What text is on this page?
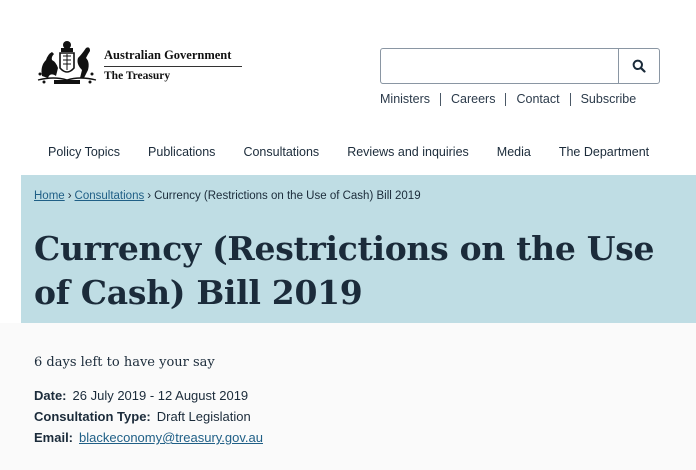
Australian Government
The Treasury
Ministers Careers Contact Subscribe
Policy Topics Publications Consultations Reviews and inquiries Media The Department
Home › Consultations › Currency (Restrictions on the Use of Cash) Bill 2019
Currency (Restrictions on the Use of Cash) Bill 2019
6 days left to have your say
Date: 26 July 2019 - 12 August 2019
Consultation Type: Draft Legislation
Email: blackeconomy@treasury.gov.au
